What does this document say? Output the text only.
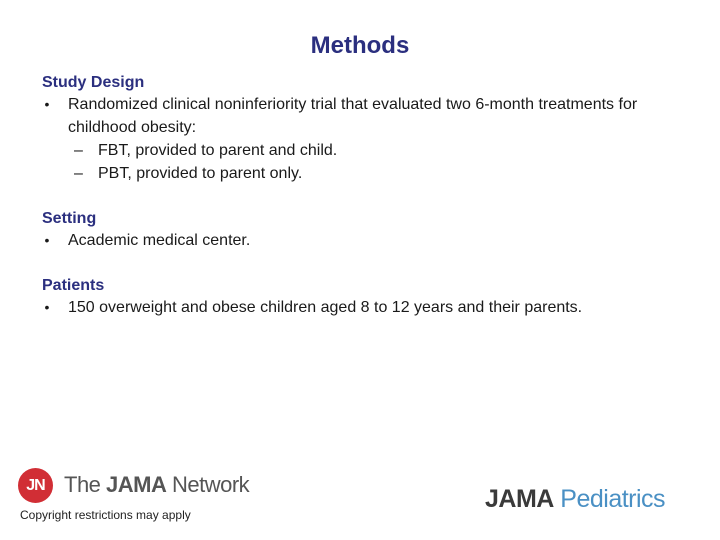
Methods
Study Design
• Randomized clinical noninferiority trial that evaluated two 6-month treatments for childhood obesity:
– FBT, provided to parent and child.
– PBT, provided to parent only.
Setting
• Academic medical center.
Patients
• 150 overweight and obese children aged 8 to 12 years and their parents.
JN The JAMA Network
Copyright restrictions may apply
JAMA Pediatrics
